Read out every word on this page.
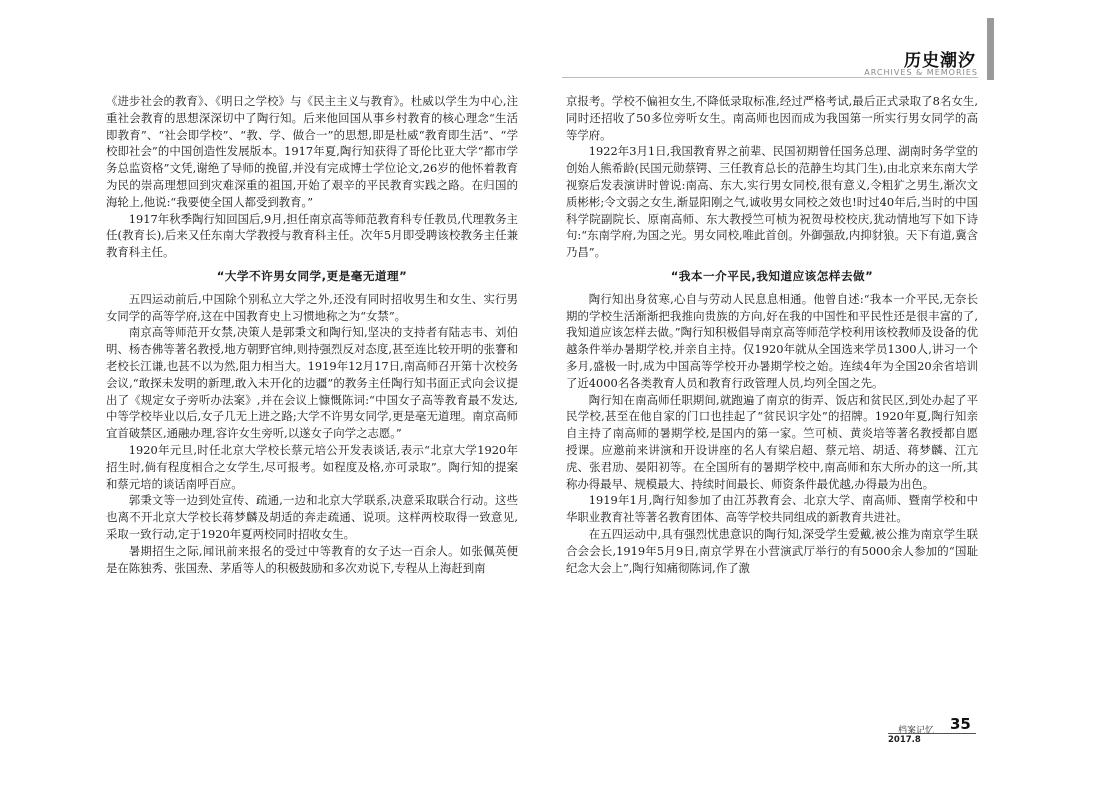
历史潮汐
ARCHIVES & MEMORIES

《进步社会的教育》、《明日之学校》与《民主主义与教育》。杜威以学生为中心,注重社会教育的思想深深切中了陶行知。后来他回国从事乡村教育的核心理念“生活即教育”、“社会即学校”、“教、学、做合一”的思想,即是杜威“教育即生活”、“学校即社会”的中国创造性发展版本。1917年夏,陶行知获得了哥伦比亚大学“都市学务总监资格”文凭,谢绝了导师的挽留,并没有完成博士学位论文,26岁的他怀着教育为民的崇高理想回到灾难深重的祖国,开始了艰辛的平民教育实践之路。在归国的海轮上,他说:“我要使全国人都受到教育。”

1917年秋季陶行知回国后,9月,担任南京高等师范教育科专任教员,代理教务主任(教育长),后来又任东南大学教授与教育科主任。次年5月即受聘该校教务主任兼教育科主任。

“大学不许男女同学,更是毫无道理”

五四运动前后,中国除个别私立大学之外,还没有同时招收男生和女生、实行男女同学的高等学府,这在中国教育史上习惯地称之为“女禁”。

南京高等师范开女禁,决策人是郭秉文和陶行知,坚决的支持者有陆志韦、刘伯明、杨杏佛等著名教授,地方朝野官绅,则持强烈反对态度,甚至连比较开明的张謇和老校长江谦,也甚不以为然,阻力相当大。1919年12月17日,南高师召开第十次校务会议,“敢探未发明的新理,敢入未开化的边疆”的教务主任陶行知书面正式向会议提出了《规定女子旁听办法案》,并在会议上慷慨陈词:“中国女子高等教育最不发达,中等学校毕业以后,女子几无上进之路;大学不许男女同学,更是毫无道理。南京高师宜首破禁区,通融办理,容许女生旁听,以遂女子向学之志愿。”

1920年元旦,时任北京大学校长蔡元培公开发表谈话,表示“北京大学1920年招生时,倘有程度相合之女学生,尽可报考。如程度及格,亦可录取”。陶行知的提案和蔡元培的谈话南呼百应。

郭秉文等一边到处宣传、疏通,一边和北京大学联系,决意采取联合行动。这些也离不开北京大学校长蒋梦麟及胡适的奔走疏通、说项。这样两校取得一致意见,采取一致行动,定于1920年夏两校同时招收女生。

暑期招生之际,闻讯前来报名的受过中等教育的女子达一百余人。如张佩英便是在陈独秀、张国焘、茅盾等人的积极鼓励和多次劝说下,专程从上海赶到南

京报考。学校不偏袒女生,不降低录取标准,经过严格考试,最后正式录取了8名女生,同时还招收了50多位旁听女生。南高师也因而成为我国第一所实行男女同学的高等学府。

1922年3月1日,我国教育界之前辈、民国初期曾任国务总理、湖南时务学堂的创始人熊希龄(民国元勋蔡锷、三任教育总长的范静生均其门生),由北京来东南大学视察后发表演讲时曾说:南高、东大,实行男女同校,很有意义,令粗犷之男生,渐次文质彬彬;令文弱之女生,渐显阳刚之气,诚收男女同校之效也!时过40年后,当时的中国科学院副院长、原南高师、东大教授竺可桢为祝贺母校校庆,犹动情地写下如下诗句:“东南学府,为国之光。男女同校,唯此首创。外御强敌,内抑豺狼。天下有道,冀含乃昌”。

“我本一介平民,我知道应该怎样去做”

陶行知出身贫寒,心自与劳动人民息息相通。他曾自述:“我本一介平民,无奈长期的学校生活渐渐把我推向贵族的方向,好在我的中国性和平民性还是很丰富的了,我知道应该怎样去做。”陶行知积极倡导南京高等师范学校利用该校教师及设备的优越条件举办暑期学校,并亲自主持。仅1920年就从全国选来学员1300人,讲习一个多月,盛极一时,成为中国高等学校开办暑期学校之始。连续4年为全国20余省培训了近4000名各类教育人员和教育行政管理人员,均列全国之先。

陶行知在南高师任职期间,就跑遍了南京的街弄、饭店和贫民区,到处办起了平民学校,甚至在他自家的门口也挂起了“贫民识字处”的招牌。1920年夏,陶行知亲自主持了南高师的暑期学校,是国内的第一家。竺可桢、黄炎培等著名教授都自愿授课。应邀前来讲演和开设讲座的名人有梁启超、蔡元培、胡适、蒋梦麟、江亢虎、张君劢、晏阳初等。在全国所有的暑期学校中,南高师和东大所办的这一所,其称办得最早、规模最大、持续时间最长、师资条件最优越,办得最为出色。

1919年1月,陶行知参加了由江苏教育会、北京大学、南高师、暨南学校和中华职业教育社等著名教育团体、高等学校共同组成的新教育共进社。

在五四运动中,具有强烈忧患意识的陶行知,深受学生爱戴,被公推为南京学生联合会会长,1919年5月9日,南京学界在小营演武厅举行的有5000余人参加的“国耻纪念大会上”,陶行知痛彻陈词,作了激

档案记忆 35
2017.8
